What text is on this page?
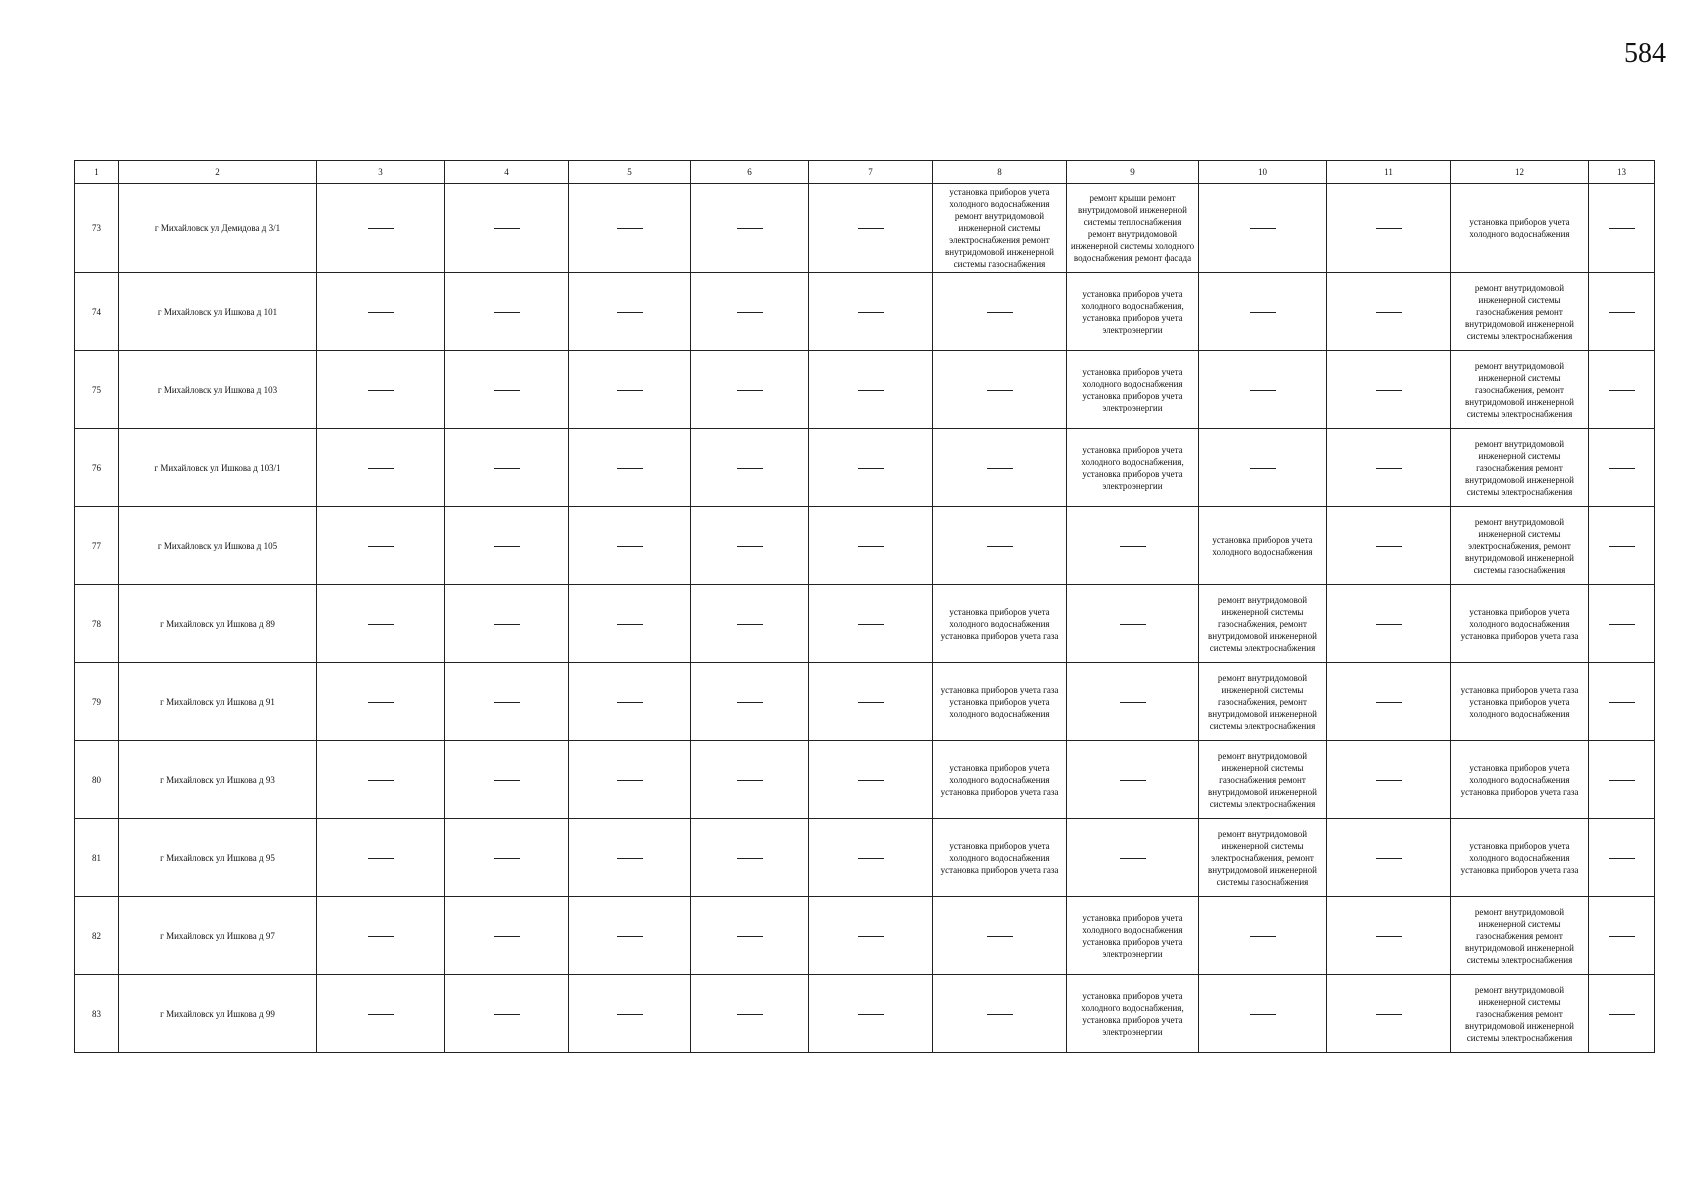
584
1	2	3	4	5	6	7	8	9	10	11	12	13
73	г Михайловск ул Демидова д 3/1						установка приборов учета холодного водоснабжения ремонт внутридомовой инженерной системы электроснабжения ремонт внутридомовой инженерной системы газоснабжения	ремонт крыши ремонт внутридомовой инженерной системы теплоснабжения ремонт внутридомовой инженерной системы холодного водоснабжения ремонт фасада			установка приборов учета холодного водоснабжения	
74	г Михайловск ул Ишкова д 101							установка приборов учета холодного водоснабжения, установка приборов учета электроэнергии			ремонт внутридомовой инженерной системы газоснабжения ремонт внутридомовой инженерной системы электроснабжения	
75	г Михайловск ул Ишкова д 103							установка приборов учета холодного водоснабжения установка приборов учета электроэнергии			ремонт внутридомовой инженерной системы газоснабжения, ремонт внутридомовой инженерной системы электроснабжения	
76	г Михайловск ул Ишкова д 103/1							установка приборов учета холодного водоснабжения, установка приборов учета электроэнергии			ремонт внутридомовой инженерной системы газоснабжения ремонт внутридомовой инженерной системы электроснабжения	
77	г Михайловск ул Ишкова д 105								установка приборов учета холодного водоснабжения		ремонт внутридомовой инженерной системы электроснабжения, ремонт внутридомовой инженерной системы газоснабжения	
78	г Михайловск ул Ишкова д 89						установка приборов учета холодного водоснабжения установка приборов учета газа		ремонт внутридомовой инженерной системы газоснабжения, ремонт внутридомовой инженерной системы электроснабжения		установка приборов учета холодного водоснабжения установка приборов учета газа	
79	г Михайловск ул Ишкова д 91						установка приборов учета газа установка приборов учета холодного водоснабжения		ремонт внутридомовой инженерной системы газоснабжения, ремонт внутридомовой инженерной системы электроснабжения		установка приборов учета газа установка приборов учета холодного водоснабжения	
80	г Михайловск ул Ишкова д 93						установка приборов учета холодного водоснабжения установка приборов учета газа		ремонт внутридомовой инженерной системы газоснабжения ремонт внутридомовой инженерной системы электроснабжения		установка приборов учета холодного водоснабжения установка приборов учета газа	
81	г Михайловск ул Ишкова д 95						установка приборов учета холодного водоснабжения установка приборов учета газа		ремонт внутридомовой инженерной системы электроснабжения, ремонт внутридомовой инженерной системы газоснабжения		установка приборов учета холодного водоснабжения установка приборов учета газа	
82	г Михайловск ул Ишкова д 97							установка приборов учета холодного водоснабжения установка приборов учета электроэнергии			ремонт внутридомовой инженерной системы газоснабжения ремонт внутридомовой инженерной системы электроснабжения	
83	г Михайловск ул Ишкова д 99							установка приборов учета холодного водоснабжения, установка приборов учета электроэнергии			ремонт внутридомовой инженерной системы газоснабжения ремонт внутридомовой инженерной системы электроснабжения	
